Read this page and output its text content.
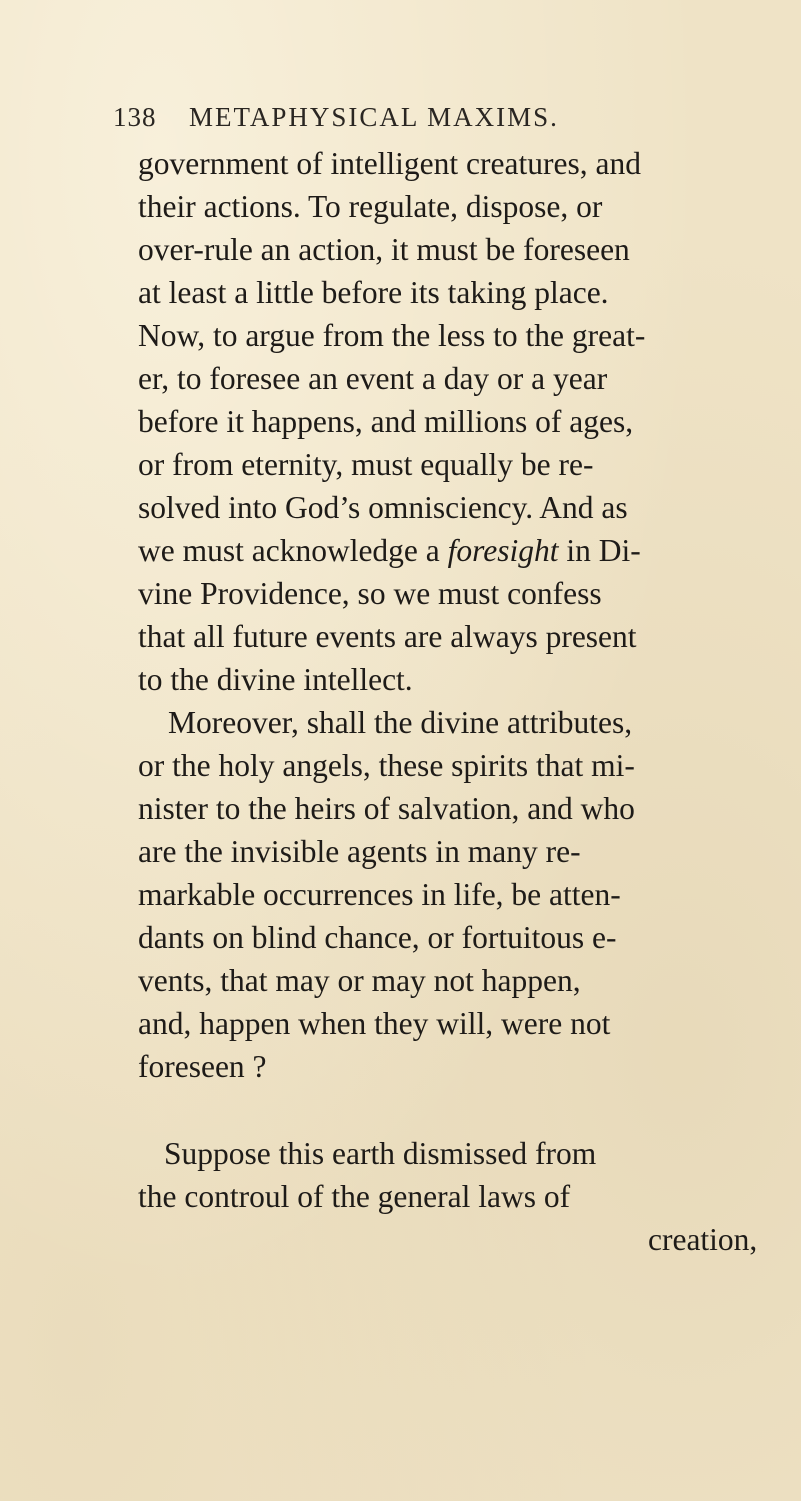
138 METAPHYSICAL MAXIMS.
government of intelligent creatures, and
their actions. To regulate, dispose, or
over-rule an action, it must be foreseen
at least a little before its taking place.
Now, to argue from the less to the great-
er, to foresee an event a day or a year
before it happens, and millions of ages,
or from eternity, must equally be re-
solved into God’s omnisciency. And as
we must acknowledge a foresight in Di-
vine Providence, so we must confess
that all future events are always present
to the divine intellect.
Moreover, shall the divine attributes,
or the holy angels, these spirits that mi-
nister to the heirs of salvation, and who
are the invisible agents in many re-
markable occurrences in life, be atten-
dants on blind chance, or fortuitous e-
vents, that may or may not happen,
and, happen when they will, were not
foreseen ?
Suppose this earth dismissed from
the controul of the general laws of
creation,
